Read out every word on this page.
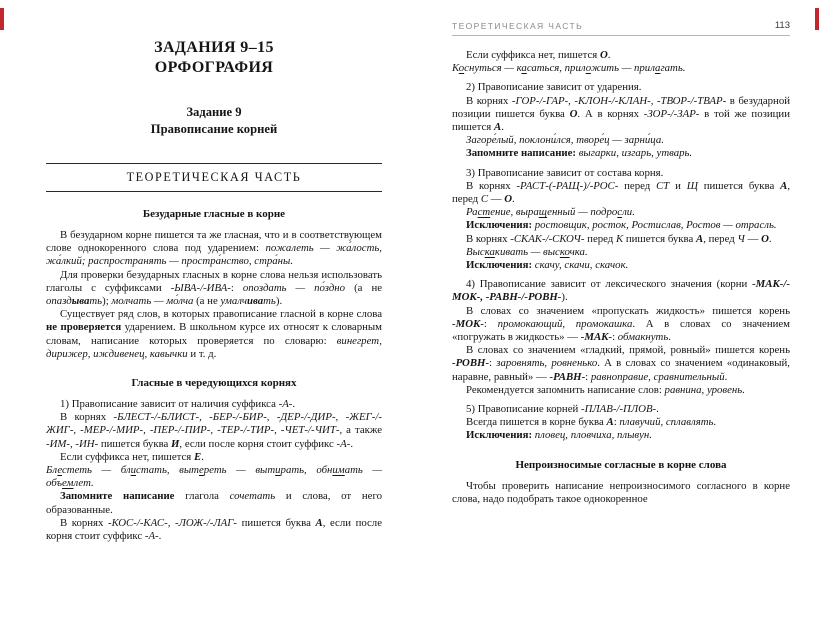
ЗАДАНИЯ 9–15
ОРФОГРАФИЯ
Задание 9
Правописание корней
ТЕОРЕТИЧЕСКАЯ ЧАСТЬ
Безударные гласные в корне
В безударном корне пишется та же гласная, что и в соответствующем слове однокоренного слова под ударением: пожалеть — жа́лость, жа́лкий; распространять — простра́нство, стра́ны.
Для проверки безударных гласных в корне слова нельзя использовать глаголы с суффиксами -ЫВА-/-ИВА-: опоздать — по́здно (а не опаздывать); молчать — мо́лча (а не умалчивать).
Существует ряд слов, в которых правописание гласной в корне слова не проверяется ударением. В школьном курсе их относят к словарным словам, написание которых проверяется по словарю: винегрет, дирижер, иждивенец, кавычки и т. д.
Гласные в чередующихся корнях
1) Правописание зависит от наличия суффикса -А-.
В корнях -БЛЕСТ-/-БЛИСТ-, -БЕР-/-БИР-, -ДЕР-/-ДИР-, -ЖЕГ-/-ЖИГ-, -МЕР-/-МИР-, -ПЕР-/-ПИР-, -ТЕР-/-ТИР-, -ЧЕТ-/-ЧИТ-, а также -ИМ-, -ИН- пишется буква И, если после корня стоит суффикс -А-.
Если суффикса нет, пишется Е.
Блестеть — блистать, вытереть — вытирать, обнимать — объемлет.
Запомните написание глагола сочетать и слова, от него образованные.
В корнях -КОС-/-КАС-, -ЛОЖ-/-ЛАГ- пишется буква А, если после корня стоит суффикс -А-.
ТЕОРЕТИЧЕСКАЯ ЧАСТЬ	113
Если суффикса нет, пишется О.
Коснуться — касаться, приложить — прилагать.
2) Правописание зависит от ударения.
В корнях -ГОР-/-ГАР-, -КЛОН-/-КЛАН-, -ТВОР-/-ТВАР- в безударной позиции пишется буква О. А в корнях -ЗОР-/-ЗАР- в той же позиции пишется А.
Загоре́лый, поклони́лся, творе́ц — зарни́ца.
Запомните написание: выгарки, изгарь, утварь.
3) Правописание зависит от состава корня.
В корнях -РАСТ-(-РАЩ-)/-РОС- перед СТ и Щ пишется буква А, перед С — О.
Растение, выращенный — подросли.
Исключения: ростовщик, росток, Ростислав, Ростов — отрасль.
В корнях -СКАК-/-СКОЧ- перед К пишется буква А, перед Ч — О.
Выскакивать — выскочка.
Исключения: скачу, скачи, скачок.
4) Правописание зависит от лексического значения (корни -МАК-/-МОК-, -РАВН-/-РОВН-).
В словах со значением «пропускать жидкость» пишется корень -МОК-: промокающий, промокашка. А в словах со значением «погружать в жидкость» — -МАК-: обмакнуть.
В словах со значением «гладкий, прямой, ровный» пишется корень -РОВН-: заровнять, ровненько. А в словах со значением «одинаковый, наравне, равный» — -РАВН-: равноправие, сравнительный.
Рекомендуется запомнить написание слов: равнина, уровень.
5) Правописание корней -ПЛАВ-/-ПЛОВ-.
Всегда пишется в корне буква А: плавучий, сплавлять.
Исключения: пловец, пловчиха, плывун.
Непроизносимые согласные в корне слова
Чтобы проверить написание непроизносимого согласного в корне слова, надо подобрать такое однокоренное
